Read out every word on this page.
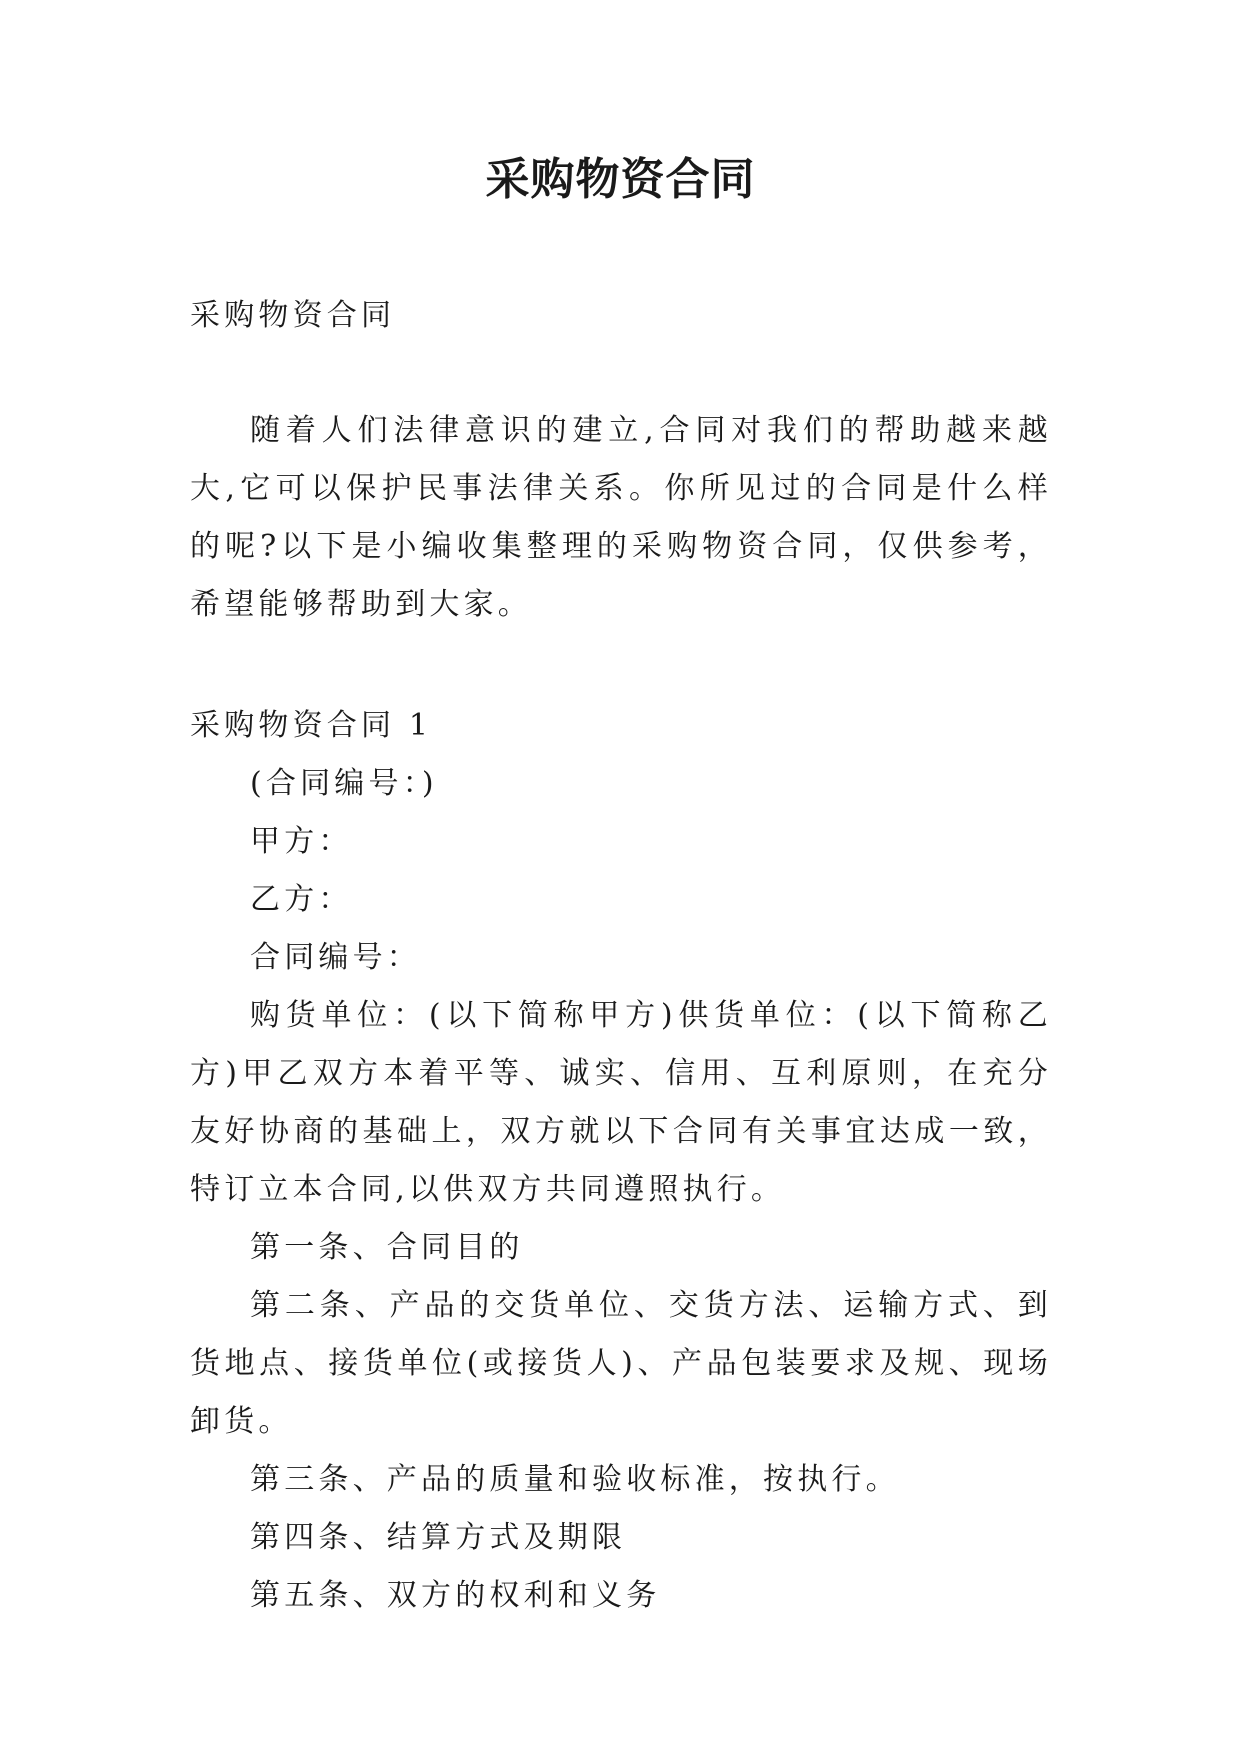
采购物资合同

采购物资合同

随着人们法律意识的建立,合同对我们的帮助越来越大,它可以保护民事法律关系。你所见过的合同是什么样的呢?以下是小编收集整理的采购物资合同，仅供参考，希望能够帮助到大家。

采购物资合同 1

(合同编号：)

甲方：

乙方：

合同编号：

购货单位：(以下简称甲方)供货单位：(以下简称乙方)甲乙双方本着平等、诚实、信用、互利原则，在充分友好协商的基础上，双方就以下合同有关事宜达成一致，特订立本合同,以供双方共同遵照执行。

第一条、合同目的

第二条、产品的交货单位、交货方法、运输方式、到货地点、接货单位(或接货人)、产品包装要求及规、现场卸货。

第三条、产品的质量和验收标准，按执行。

第四条、结算方式及期限

第五条、双方的权利和义务
